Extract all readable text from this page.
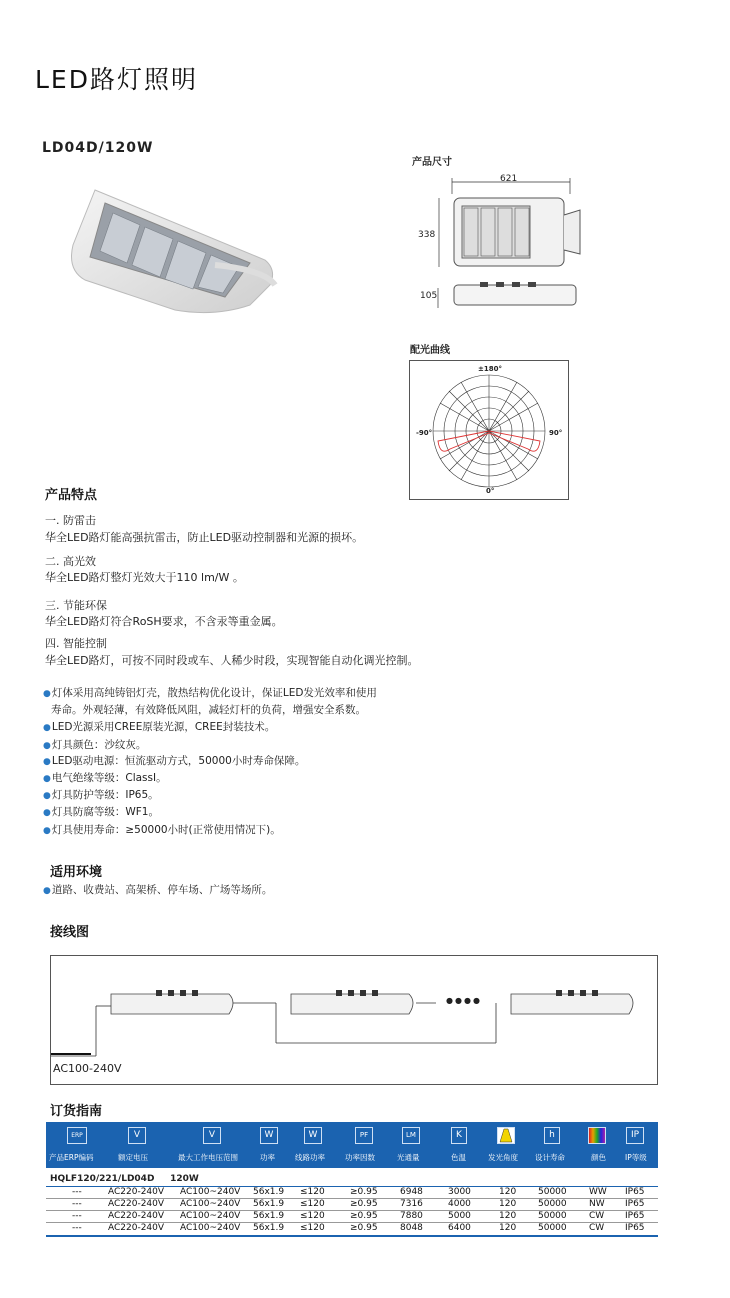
LED路灯照明
LD04D/120W
产品尺寸
621
338
105
配光曲线
±180°
-90°	90°
0°
产品特点
一. 防雷击
华全LED路灯能高强抗雷击，防止LED驱动控制器和光源的损坏。
二. 高光效
华全LED路灯整灯光效大于110 lm/W 。
三. 节能环保
华全LED路灯符合RoSH要求，不含汞等重金属。
四. 智能控制
华全LED路灯，可按不同时段或车、人稀少时段，实现智能自动化调光控制。
●灯体采用高纯铸铝灯壳，散热结构优化设计，保证LED发光效率和使用
寿命。外观轻薄，有效降低风阻，减轻灯杆的负荷，增强安全系数。
●LED光源采用CREE原装光源，CREE封装技术。
●灯具颜色：沙纹灰。
●LED驱动电源：恒流驱动方式，50000小时寿命保障。
●电气绝缘等级：ClassⅠ。
●灯具防护等级：IP65。
●灯具防腐等级：WF1。
●灯具使用寿命：≥50000小时(正常使用情况下)。
适用环境
●道路、收费站、高架桥、停车场、广场等场所。
接线图
●●●●
AC100-240V
订货指南
ERP	V	V	W	W	PF	LM	K	h	IP
产品ERP编码	额定电压	最大工作电压范围	功率	线路功率	功率因数	光通量	色温	发光角度 设计寿命	颜色	IP等级
HQLF120/221/LD04D     120W
---	AC220-240V AC100~240V 56x1.9 ≤120	≥0.95 6948	3000	120 50000 WW IP65
---	AC220-240V AC100~240V 56x1.9 ≤120	≥0.95 7316	4000	120 50000 NW IP65
---	AC220-240V AC100~240V 56x1.9 ≤120	≥0.95 7880	5000	120 50000 CW IP65
---	AC220-240V AC100~240V 56x1.9 ≤120	≥0.95 8048	6400	120 50000 CW IP65
